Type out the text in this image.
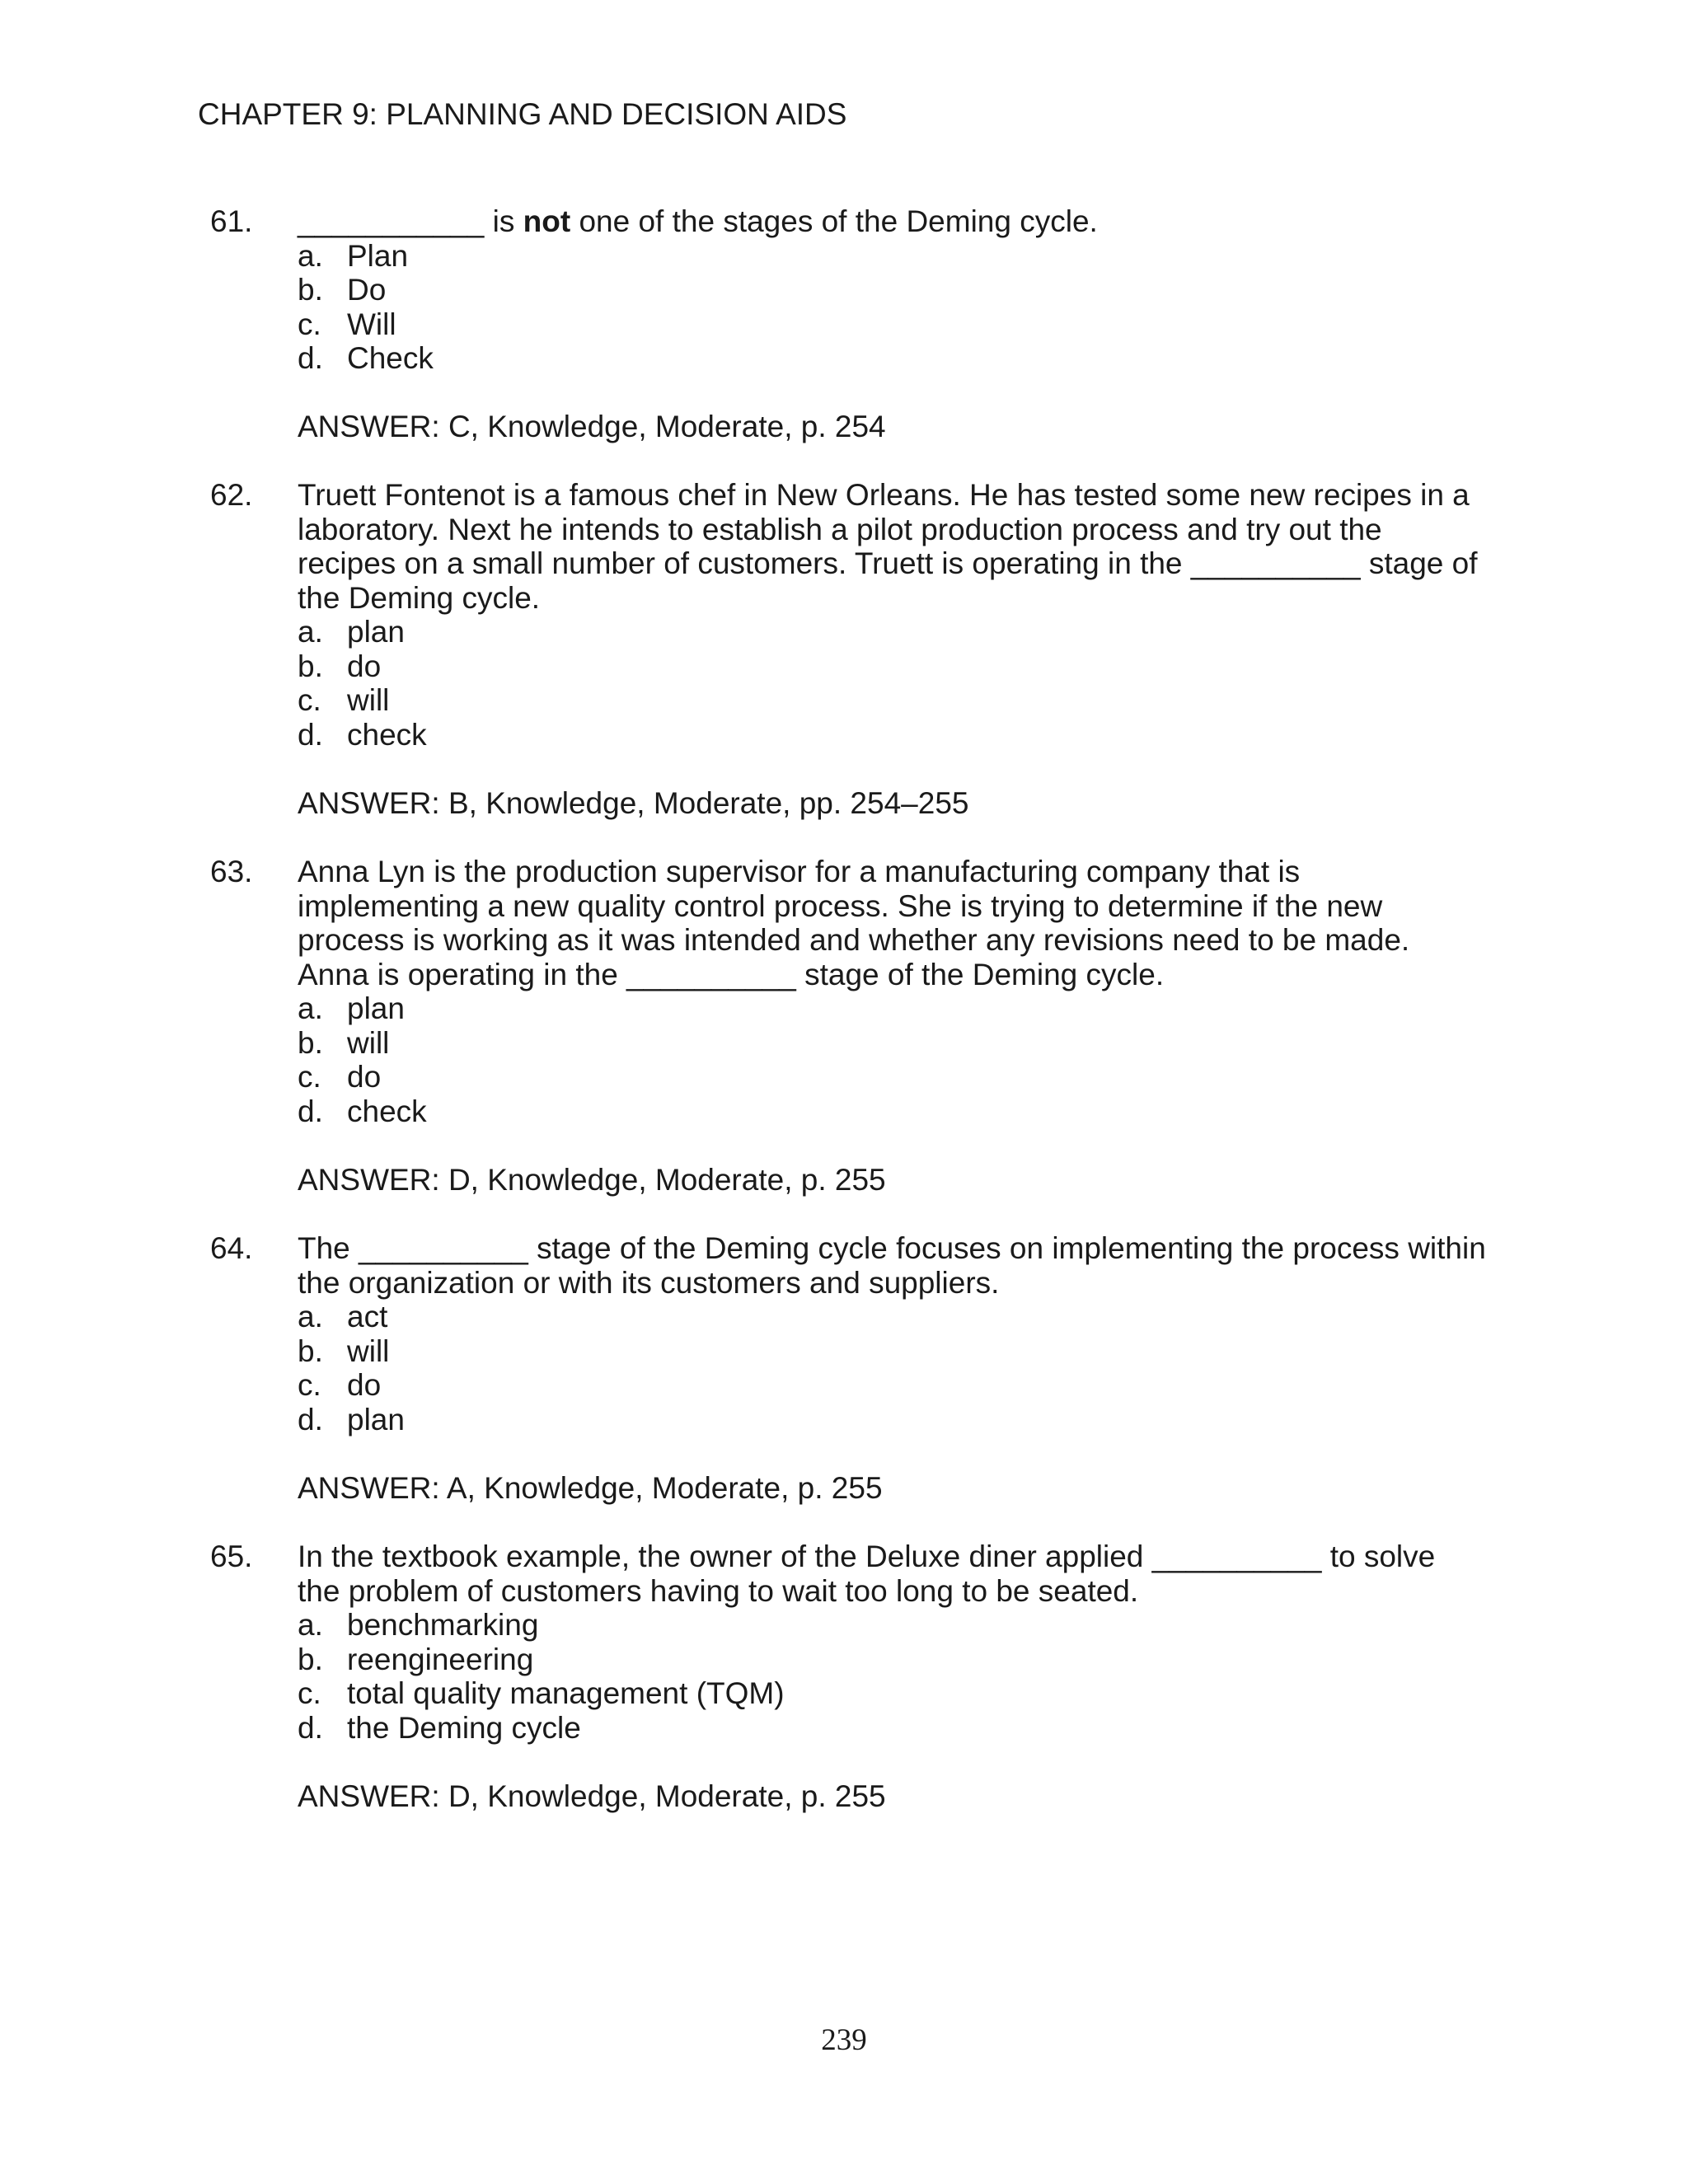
CHAPTER 9: PLANNING AND DECISION AIDS
61. ___________ is not one of the stages of the Deming cycle.
a. Plan
b. Do
c. Will
d. Check
ANSWER: C, Knowledge, Moderate, p. 254
62. Truett Fontenot is a famous chef in New Orleans. He has tested some new recipes in a
laboratory. Next he intends to establish a pilot production process and try out the
recipes on a small number of customers. Truett is operating in the __________ stage of
the Deming cycle.
a. plan
b. do
c. will
d. check
ANSWER: B, Knowledge, Moderate, pp. 254–255
63. Anna Lyn is the production supervisor for a manufacturing company that is
implementing a new quality control process. She is trying to determine if the new
process is working as it was intended and whether any revisions need to be made.
Anna is operating in the __________ stage of the Deming cycle.
a. plan
b. will
c. do
d. check
ANSWER: D, Knowledge, Moderate, p. 255
64. The __________ stage of the Deming cycle focuses on implementing the process within
the organization or with its customers and suppliers.
a. act
b. will
c. do
d. plan
ANSWER: A, Knowledge, Moderate, p. 255
65. In the textbook example, the owner of the Deluxe diner applied __________ to solve
the problem of customers having to wait too long to be seated.
a. benchmarking
b. reengineering
c. total quality management (TQM)
d. the Deming cycle
ANSWER: D, Knowledge, Moderate, p. 255
239
